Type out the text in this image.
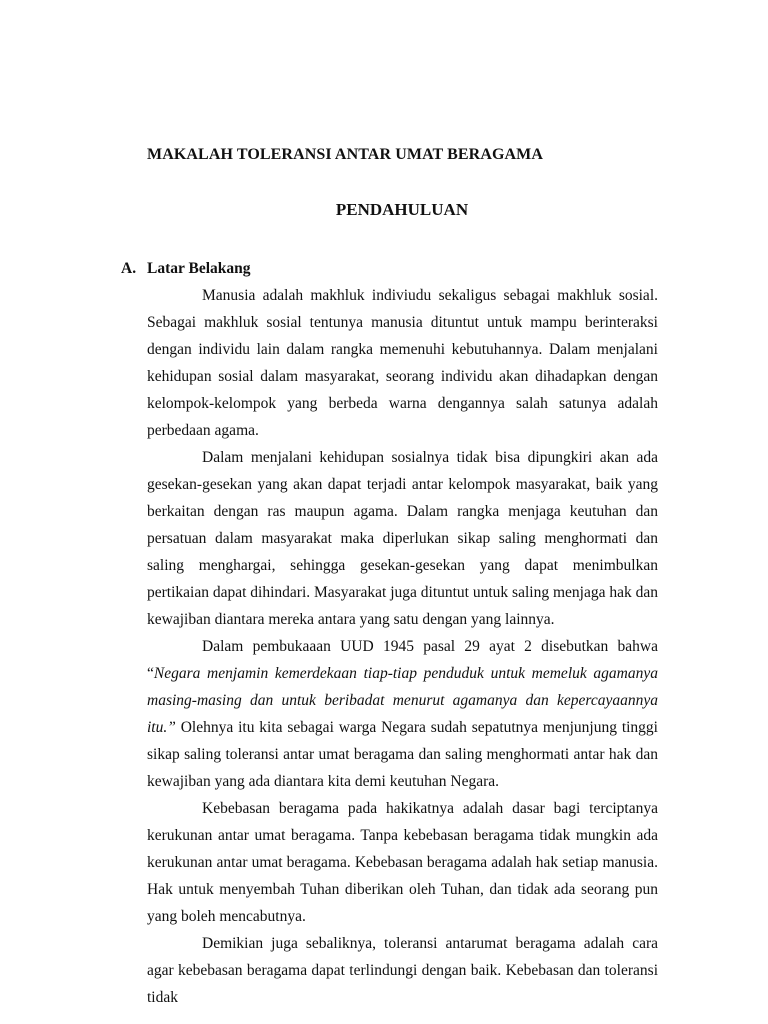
MAKALAH TOLERANSI ANTAR UMAT BERAGAMA
PENDAHULUAN
A. Latar Belakang

Manusia adalah makhluk indiviudu sekaligus sebagai makhluk sosial. Sebagai makhluk sosial tentunya manusia dituntut untuk mampu berinteraksi dengan individu lain dalam rangka memenuhi kebutuhannya. Dalam menjalani kehidupan sosial dalam masyarakat, seorang individu akan dihadapkan dengan kelompok-kelompok yang berbeda warna dengannya salah satunya adalah perbedaan agama.

Dalam menjalani kehidupan sosialnya tidak bisa dipungkiri akan ada gesekan-gesekan yang akan dapat terjadi antar kelompok masyarakat, baik yang berkaitan dengan ras maupun agama. Dalam rangka menjaga keutuhan dan persatuan dalam masyarakat maka diperlukan sikap saling menghormati dan saling menghargai, sehingga gesekan-gesekan yang dapat menimbulkan pertikaian dapat dihindari. Masyarakat juga dituntut untuk saling menjaga hak dan kewajiban diantara mereka antara yang satu dengan yang lainnya.

Dalam pembukaaan UUD 1945 pasal 29 ayat 2 disebutkan bahwa “Negara menjamin kemerdekaan tiap-tiap penduduk untuk memeluk agamanya masing-masing dan untuk beribadat menurut agamanya dan kepercayaannya itu.” Olehnya itu kita sebagai warga Negara sudah sepatutnya menjunjung tinggi sikap saling toleransi antar umat beragama dan saling menghormati antar hak dan kewajiban yang ada diantara kita demi keutuhan Negara.

Kebebasan beragama pada hakikatnya adalah dasar bagi terciptanya kerukunan antar umat beragama. Tanpa kebebasan beragama tidak mungkin ada kerukunan antar umat beragama. Kebebasan beragama adalah hak setiap manusia. Hak untuk menyembah Tuhan diberikan oleh Tuhan, dan tidak ada seorang pun yang boleh mencabutnya.

Demikian juga sebaliknya, toleransi antarumat beragama adalah cara agar kebebasan beragama dapat terlindungi dengan baik. Kebebasan dan toleransi tidak
